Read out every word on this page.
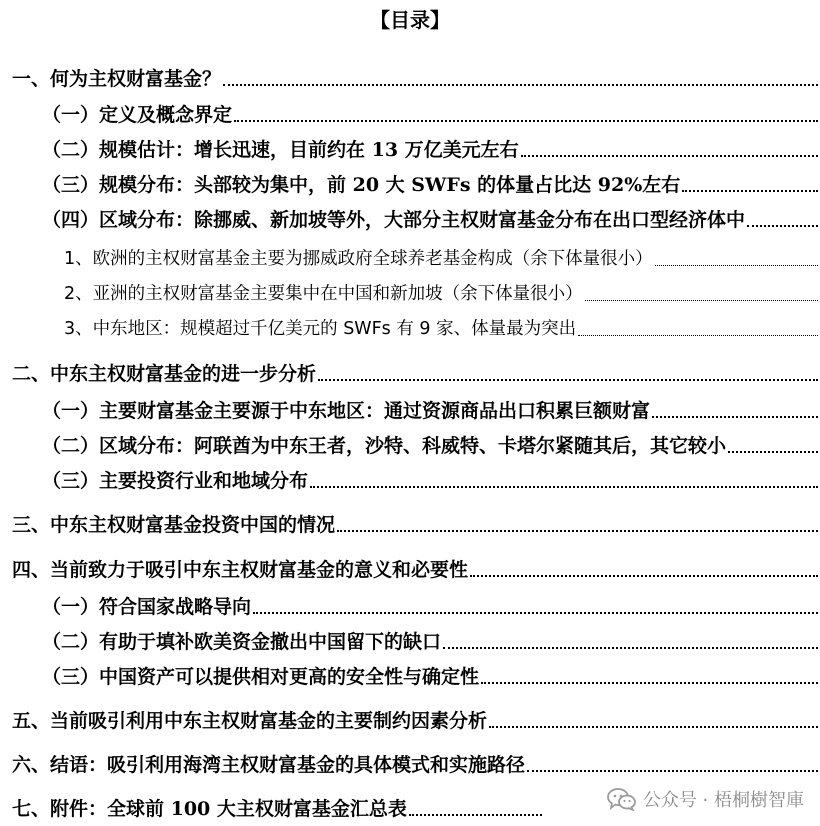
【目录】
一、何为主权财富基金？
（一）定义及概念界定
（二）规模估计：增长迅速，目前约在 13 万亿美元左右
（三）规模分布：头部较为集中，前 20 大 SWFs 的体量占比达 92%左右
（四）区域分布：除挪威、新加坡等外，大部分主权财富基金分布在出口型经济体中
1、欧洲的主权财富基金主要为挪威政府全球养老基金构成（余下体量很小）
2、亚洲的主权财富基金主要集中在中国和新加坡（余下体量很小）
3、中东地区：规模超过千亿美元的 SWFs 有 9 家、体量最为突出
二、中东主权财富基金的进一步分析
（一）主要财富基金主要源于中东地区：通过资源商品出口积累巨额财富
（二）区域分布：阿联酋为中东王者，沙特、科威特、卡塔尔紧随其后，其它较小
（三）主要投资行业和地域分布
三、中东主权财富基金投资中国的情况
四、当前致力于吸引中东主权财富基金的意义和必要性
（一）符合国家战略导向
（二）有助于填补欧美资金撤出中国留下的缺口
（三）中国资产可以提供相对更高的安全性与确定性
五、当前吸引利用中东主权财富基金的主要制约因素分析
六、结语：吸引利用海湾主权财富基金的具体模式和实施路径
七、附件：全球前 100 大主权财富基金汇总表	公众号 · 梧桐樹智庫
